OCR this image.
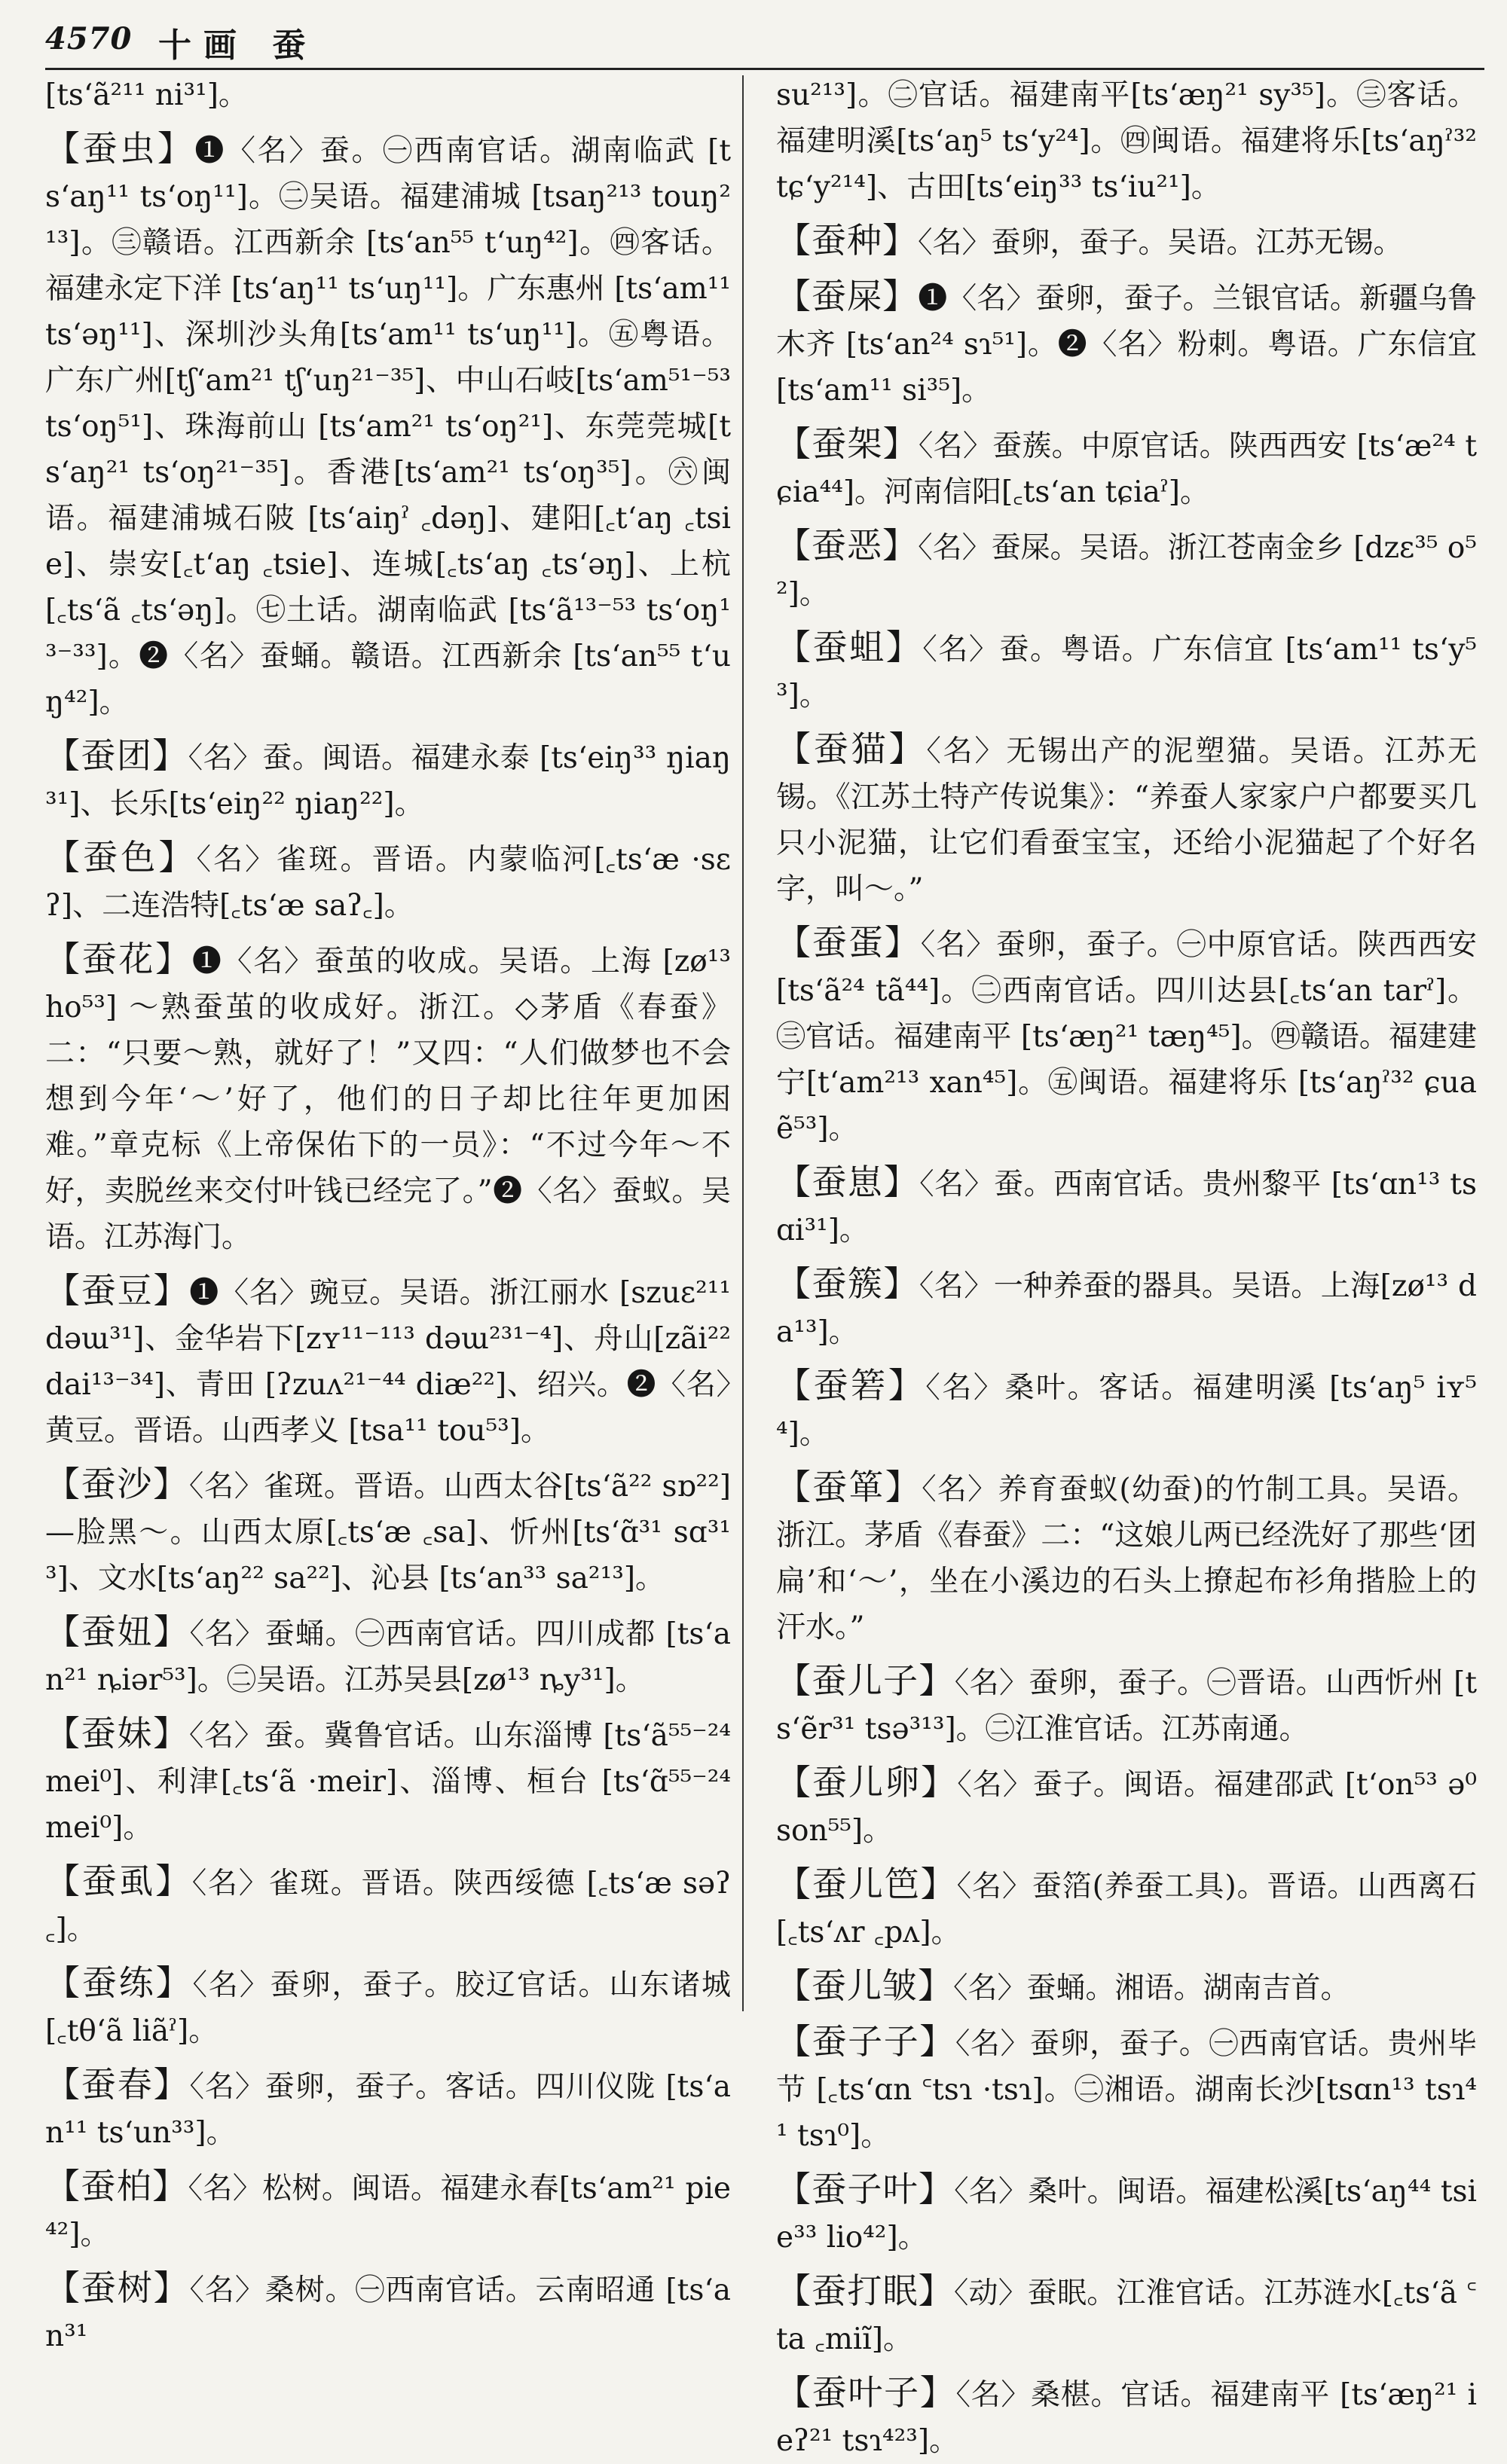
4570 十画 蚕

[ts‘ã²¹¹ ni³¹]。

【蚕虫】❶〈名〉蚕。㊀西南官话。湖南临武 [ts‘aŋ¹¹ ts‘oŋ¹¹]。㊁吴语。福建浦城 [tsaŋ²¹³ touŋ²¹³]。㊂赣语。江西新余 [ts‘an⁵⁵ t‘uŋ⁴²]。㊃客话。福建永定下洋 [ts‘aŋ¹¹ ts‘uŋ¹¹]。广东惠州 [ts‘am¹¹ ts‘əŋ¹¹]、深圳沙头角[ts‘am¹¹ ts‘uŋ¹¹]。㊄粤语。广东广州[tʃ‘am²¹ tʃ‘uŋ²¹⁻³⁵]、中山石岐[ts‘am⁵¹⁻⁵³ ts‘oŋ⁵¹]、珠海前山 [ts‘am²¹ ts‘oŋ²¹]、东莞莞城[ts‘aŋ²¹ ts‘oŋ²¹⁻³⁵]。香港[ts‘am²¹ ts‘oŋ³⁵]。㊅闽语。福建浦城石陂 [ts‘aiŋˀ ꜀dəŋ]、建阳[꜀t‘aŋ ꜀tsie]、崇安[꜀t‘aŋ ꜀tsie]、连城[꜀ts‘aŋ ꜀ts‘əŋ]、上杭 [꜀ts‘ã ꜀ts‘əŋ]。㊆土话。湖南临武 [ts‘ã¹³⁻⁵³ ts‘oŋ¹³⁻³³]。❷〈名〉蚕蛹。赣语。江西新余 [ts‘an⁵⁵ t‘uŋ⁴²]。

【蚕团】〈名〉蚕。闽语。福建永泰 [ts‘eiŋ³³ ŋiaŋ³¹]、长乐[ts‘eiŋ²² ŋiaŋ²²]。

【蚕色】〈名〉雀斑。晋语。内蒙临河[꜀ts‘æ ·sɛʔ]、二连浩特[꜀ts‘æ saʔ꜀]。

【蚕花】❶〈名〉蚕茧的收成。吴语。上海 [zø¹³ ho⁵³] ～熟蚕茧的收成好。浙江。◇茅盾《春蚕》二：“只要～熟，就好了！”又四：“人们做梦也不会想到今年‘～’好了，他们的日子却比往年更加困难。”章克标《上帝保佑下的一员》：“不过今年～不好，卖脱丝来交付叶钱已经完了。”❷〈名〉蚕蚁。吴语。江苏海门。

【蚕豆】❶〈名〉豌豆。吴语。浙江丽水 [szuɛ²¹¹ dəɯ³¹]、金华岩下[zʏ¹¹⁻¹¹³ dəɯ²³¹⁻⁴]、舟山[zãi²² dai¹³⁻³⁴]、青田 [ʔzuʌ²¹⁻⁴⁴ diæ²²]、绍兴。❷〈名〉黄豆。晋语。山西孝义 [tsa¹¹ tou⁵³]。

【蚕沙】〈名〉雀斑。晋语。山西太谷[ts‘ã²² sɒ²²]—脸黑～。山西太原[꜀ts‘æ ꜀sa]、忻州[ts‘ɑ̃³¹ sɑ³¹³]、文水[ts‘aŋ²² sa²²]、沁县 [ts‘an³³ sa²¹³]。

【蚕妞】〈名〉蚕蛹。㊀西南官话。四川成都 [ts‘an²¹ ȵiər⁵³]。㊁吴语。江苏吴县[zø¹³ ȵy³¹]。

【蚕妹】〈名〉蚕。冀鲁官话。山东淄博 [ts‘ã⁵⁵⁻²⁴ mei⁰]、利津[꜀ts‘ã ·meir]、淄博、桓台 [ts‘ɑ̃⁵⁵⁻²⁴ mei⁰]。

【蚕虱】〈名〉雀斑。晋语。陕西绥德 [꜀ts‘æ səʔ꜀]。

【蚕练】〈名〉蚕卵，蚕子。胶辽官话。山东诸城 [꜀tθ‘ã liãˀ]。

【蚕春】〈名〉蚕卵，蚕子。客话。四川仪陇 [ts‘an¹¹ ts‘un³³]。

【蚕柏】〈名〉松树。闽语。福建永春[ts‘am²¹ pie⁴²]。

【蚕树】〈名〉桑树。㊀西南官话。云南昭通 [ts‘an³¹

su²¹³]。㊁官话。福建南平[ts‘æŋ²¹ sy³⁵]。㊂客话。福建明溪[ts‘aŋ⁵ ts‘y²⁴]。㊃闽语。福建将乐[ts‘aŋˀ³² tɕ‘y²¹⁴]、古田[ts‘eiŋ³³ ts‘iu²¹]。

【蚕种】〈名〉蚕卵，蚕子。吴语。江苏无锡。

【蚕屎】❶〈名〉蚕卵，蚕子。兰银官话。新疆乌鲁木齐 [ts‘an²⁴ sɿ⁵¹]。❷〈名〉粉刺。粤语。广东信宜[ts‘am¹¹ si³⁵]。

【蚕架】〈名〉蚕蔟。中原官话。陕西西安 [ts‘æ²⁴ tɕia⁴⁴]。河南信阳[꜀ts‘an tɕiaˀ]。

【蚕恶】〈名〉蚕屎。吴语。浙江苍南金乡 [dzɛ³⁵ o⁵²]。

【蚕蛆】〈名〉蚕。粤语。广东信宜 [ts‘am¹¹ ts‘y⁵³]。

【蚕猫】〈名〉无锡出产的泥塑猫。吴语。江苏无锡。《江苏土特产传说集》：“养蚕人家家户户都要买几只小泥猫，让它们看蚕宝宝，还给小泥猫起了个好名字，叫～。”

【蚕蛋】〈名〉蚕卵，蚕子。㊀中原官话。陕西西安 [ts‘ã²⁴ tã⁴⁴]。㊁西南官话。四川达县[꜀ts‘an tarˀ]。㊂官话。福建南平 [ts‘æŋ²¹ tæŋ⁴⁵]。㊃赣语。福建建宁[t‘am²¹³ xan⁴⁵]。㊄闽语。福建将乐 [ts‘aŋˀ³² ɕuaẽ⁵³]。

【蚕崽】〈名〉蚕。西南官话。贵州黎平 [ts‘ɑn¹³ tsɑi³¹]。

【蚕簇】〈名〉一种养蚕的器具。吴语。上海[zø¹³ da¹³]。

【蚕箬】〈名〉桑叶。客话。福建明溪 [ts‘aŋ⁵ iʏ⁵⁴]。

【蚕箪】〈名〉养育蚕蚁(幼蚕)的竹制工具。吴语。浙江。茅盾《春蚕》二：“这娘儿两已经洗好了那些‘团扁’和‘～’，坐在小溪边的石头上撩起布衫角揩脸上的汗水。”

【蚕儿子】〈名〉蚕卵，蚕子。㊀晋语。山西忻州 [ts‘ẽr³¹ tsə³¹³]。㊁江淮官话。江苏南通。

【蚕儿卵】〈名〉蚕子。闽语。福建邵武 [t‘on⁵³ ə⁰ son⁵⁵]。

【蚕儿笆】〈名〉蚕箔(养蚕工具)。晋语。山西离石 [꜀ts‘ʌr ꜀pʌ]。

【蚕儿皱】〈名〉蚕蛹。湘语。湖南吉首。

【蚕子子】〈名〉蚕卵，蚕子。㊀西南官话。贵州毕节 [꜀ts‘ɑn ꜂tsɿ ·tsɿ]。㊁湘语。湖南长沙[tsɑn¹³ tsɿ⁴¹ tsɿ⁰]。

【蚕子叶】〈名〉桑叶。闽语。福建松溪[ts‘aŋ⁴⁴ tsie³³ lio⁴²]。

【蚕打眠】〈动〉蚕眠。江淮官话。江苏涟水[꜀ts‘ã ꜂ta ꜀miĩ]。

【蚕叶子】〈名〉桑椹。官话。福建南平 [ts‘æŋ²¹ ieʔ²¹ tsɿ⁴²³]。
